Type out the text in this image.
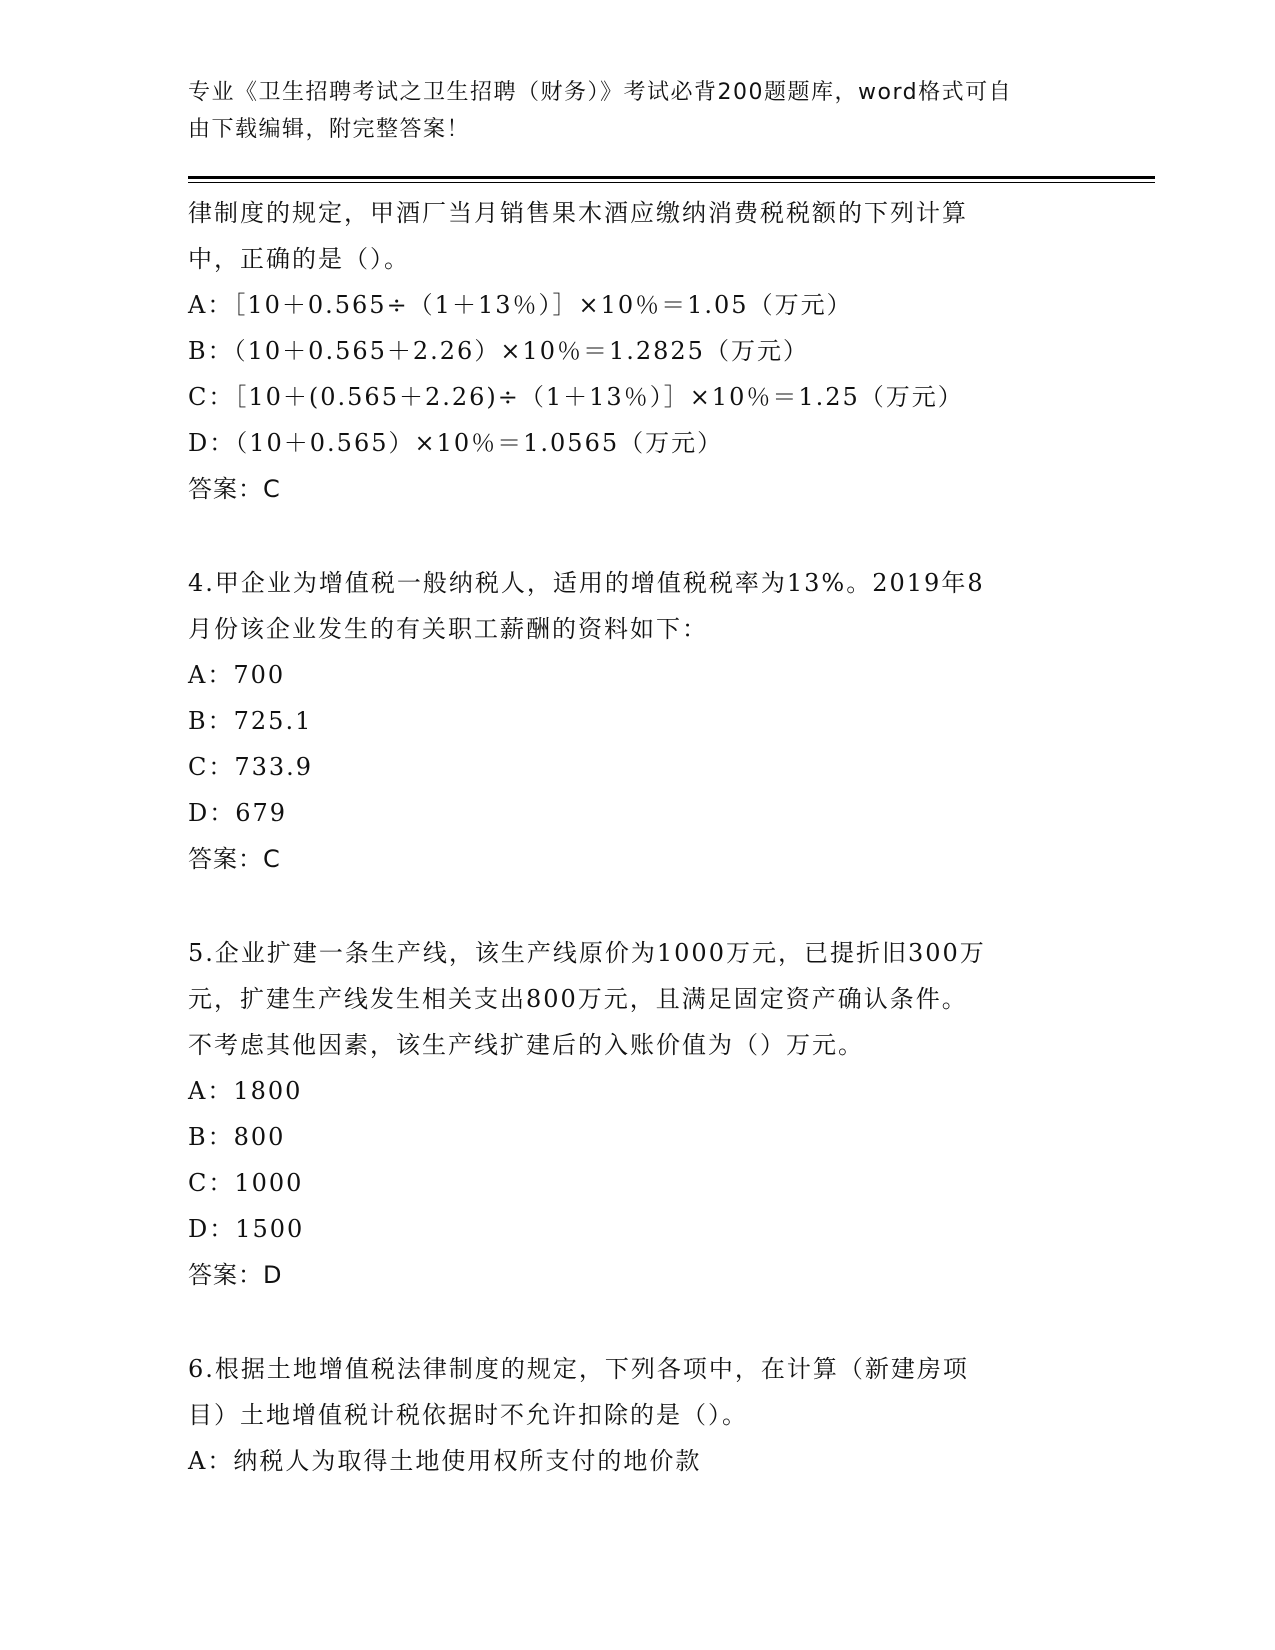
专业《卫生招聘考试之卫生招聘（财务）》考试必背200题题库，word格式可自
由下载编辑，附完整答案！
律制度的规定，甲酒厂当月销售果木酒应缴纳消费税税额的下列计算
中，正确的是（）。
A：［10＋0.565÷（1＋13％）］×10％＝1.05（万元）
B：（10＋0.565＋2.26）×10％＝1.2825（万元）
C：［10＋(0.565＋2.26)÷（1＋13％）］×10％＝1.25（万元）
D：（10＋0.565）×10％＝1.0565（万元）
答案：C
4.甲企业为增值税一般纳税人，适用的增值税税率为13%。2019年8
月份该企业发生的有关职工薪酬的资料如下：
A：700
B：725.1
C：733.9
D：679
答案：C
5.企业扩建一条生产线，该生产线原价为1000万元，已提折旧300万
元，扩建生产线发生相关支出800万元，且满足固定资产确认条件。
不考虑其他因素，该生产线扩建后的入账价值为（）万元。
A：1800
B：800
C：1000
D：1500
答案：D
6.根据土地增值税法律制度的规定，下列各项中，在计算（新建房项
目）土地增值税计税依据时不允许扣除的是（）。
A：纳税人为取得土地使用权所支付的地价款
